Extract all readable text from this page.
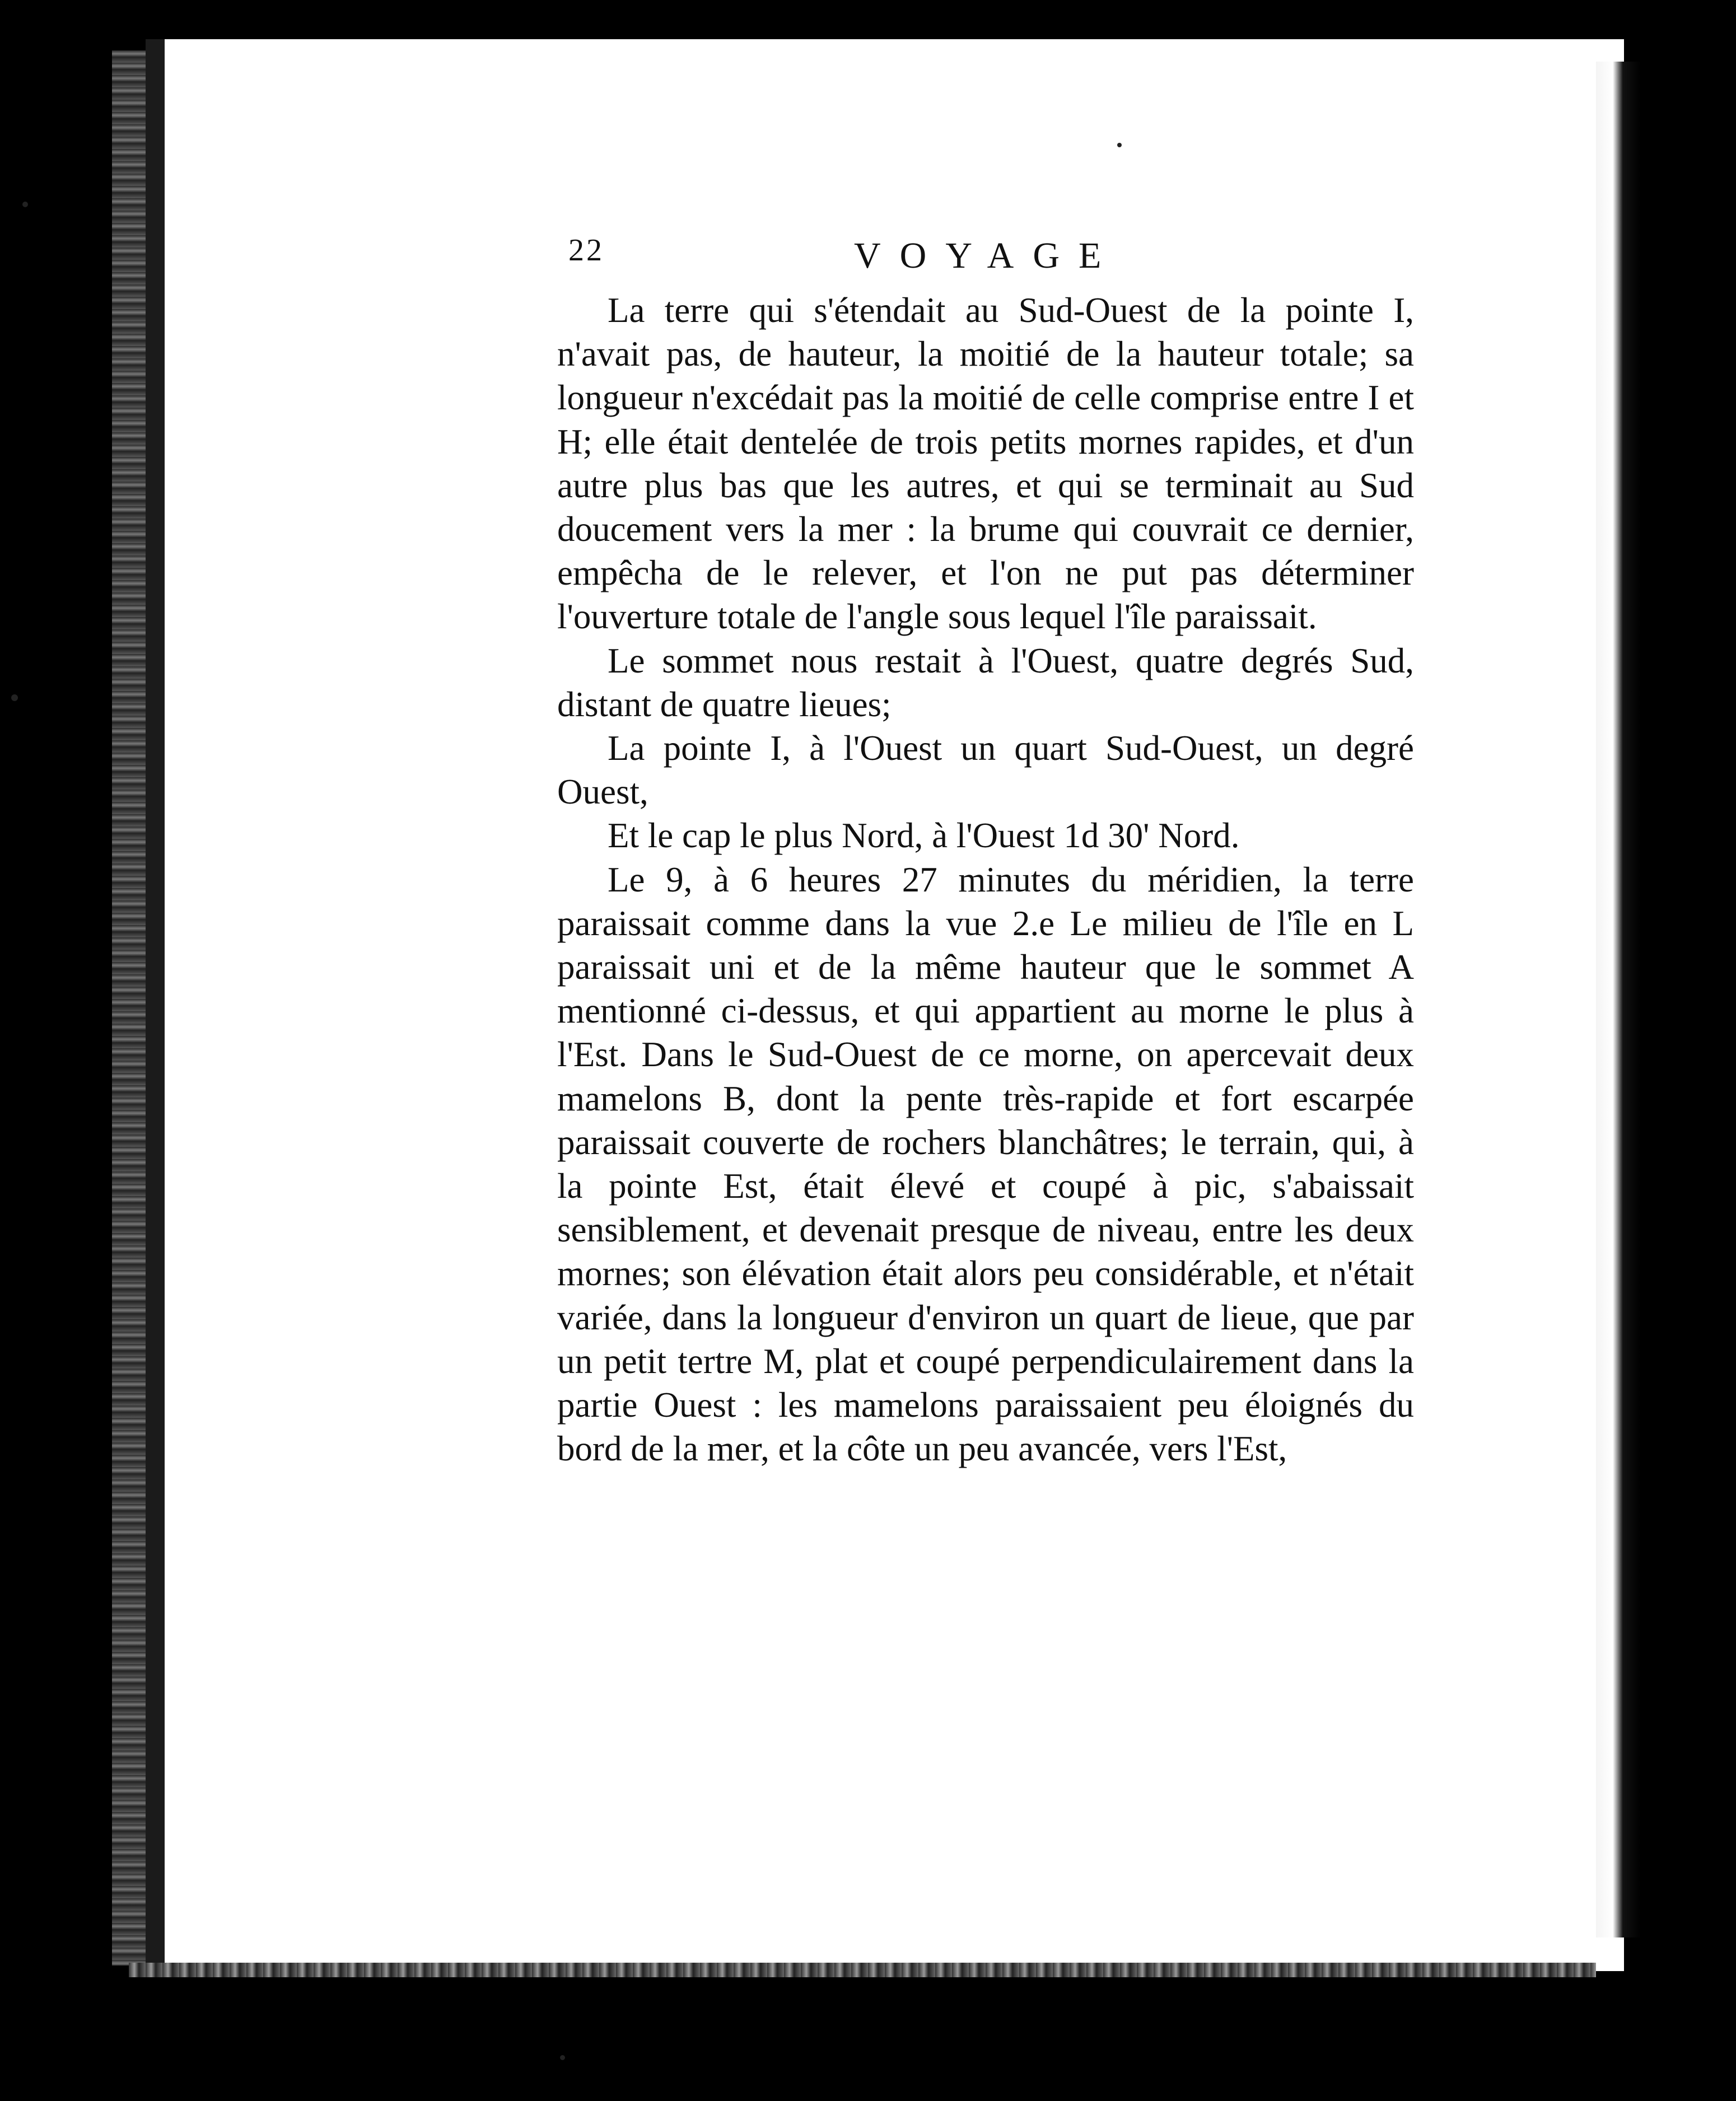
22	VOYAGE

La terre qui s'étendait au Sud-Ouest de la pointe I, n'avait pas, de hauteur, la moitié de la hauteur totale; sa longueur n'excédait pas la moitié de celle comprise entre I et H; elle était dentelée de trois petits mornes rapides, et d'un autre plus bas que les autres, et qui se terminait au Sud doucement vers la mer : la brume qui couvrait ce dernier, empêcha de le relever, et l'on ne put pas déterminer l'ouverture totale de l'angle sous lequel l'île paraissait.

Le sommet nous restait à l'Ouest, quatre degrés Sud, distant de quatre lieues;

La pointe I, à l'Ouest un quart Sud-Ouest, un degré Ouest,

Et le cap le plus Nord, à l'Ouest 1d 30' Nord.

Le 9, à 6 heures 27 minutes du méridien, la terre paraissait comme dans la vue 2.e Le milieu de l'île en L paraissait uni et de la même hauteur que le sommet A mentionné ci-dessus, et qui appartient au morne le plus à l'Est. Dans le Sud-Ouest de ce morne, on apercevait deux mamelons B, dont la pente très-rapide et fort escarpée paraissait couverte de rochers blanchâtres; le terrain, qui, à la pointe Est, était élevé et coupé à pic, s'abaissait sensiblement, et devenait presque de niveau, entre les deux mornes; son élévation était alors peu considérable, et n'était variée, dans la longueur d'environ un quart de lieue, que par un petit tertre M, plat et coupé perpendiculairement dans la partie Ouest : les mamelons paraissaient peu éloignés du bord de la mer, et la côte un peu avancée, vers l'Est,
